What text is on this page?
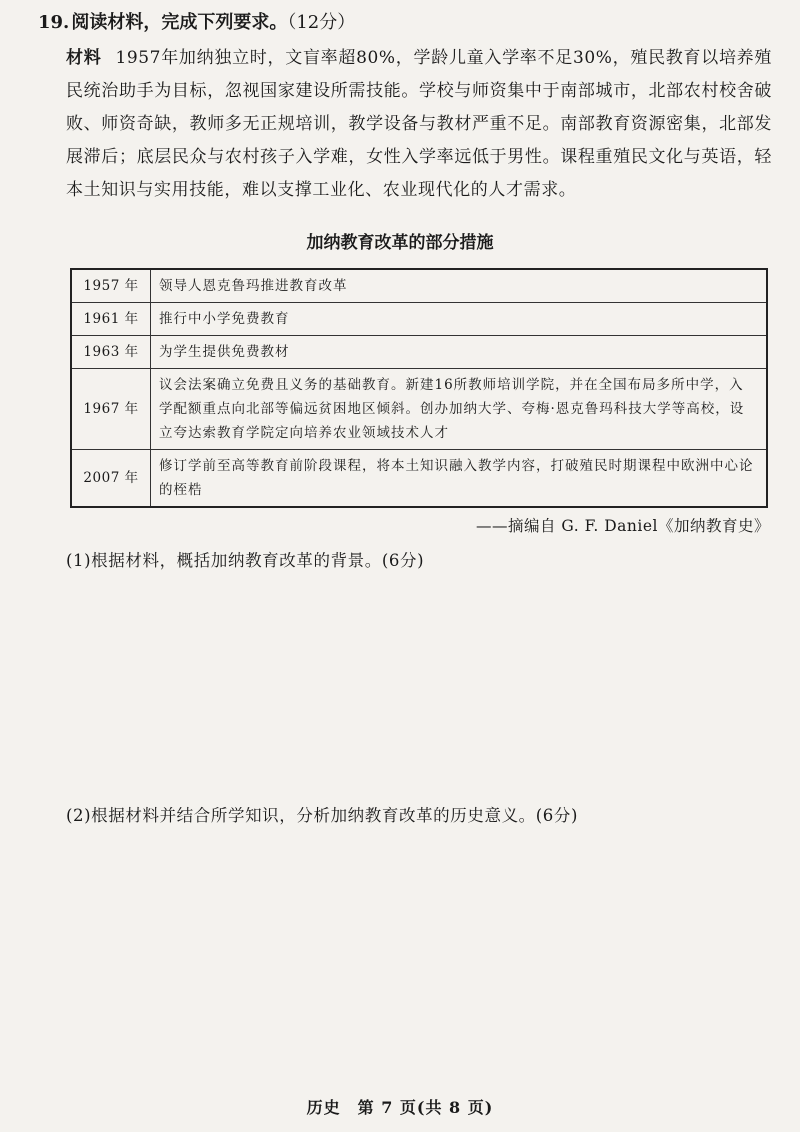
19. 阅读材料，完成下列要求。（12分）
材料 1957年加纳独立时，文盲率超80%，学龄儿童入学率不足30%，殖民教育以培养殖民统治助手为目标，忽视国家建设所需技能。学校与师资集中于南部城市，北部农村校舍破败、师资奇缺，教师多无正规培训，教学设备与教材严重不足。南部教育资源密集，北部发展滞后；底层民众与农村孩子入学难，女性入学率远低于男性。课程重殖民文化与英语，轻本土知识与实用技能，难以支撑工业化、农业现代化的人才需求。
加纳教育改革的部分措施
1957 年	领导人恩克鲁玛推进教育改革
1961 年	推行中小学免费教育
1963 年	为学生提供免费教材
1967 年	议会法案确立免费且义务的基础教育。新建16所教师培训学院，并在全国布局多所中学，入学配额重点向北部等偏远贫困地区倾斜。创办加纳大学、夸梅·恩克鲁玛科技大学等高校，设立夸达索教育学院定向培养农业领域技术人才
2007 年	修订学前至高等教育前阶段课程，将本土知识融入教学内容，打破殖民时期课程中欧洲中心论的桎梏
——摘编自 G. F. Daniel《加纳教育史》
(1)根据材料，概括加纳教育改革的背景。(6分)
(2)根据材料并结合所学知识，分析加纳教育改革的历史意义。(6分)
历史　第 7 页(共 8 页)
